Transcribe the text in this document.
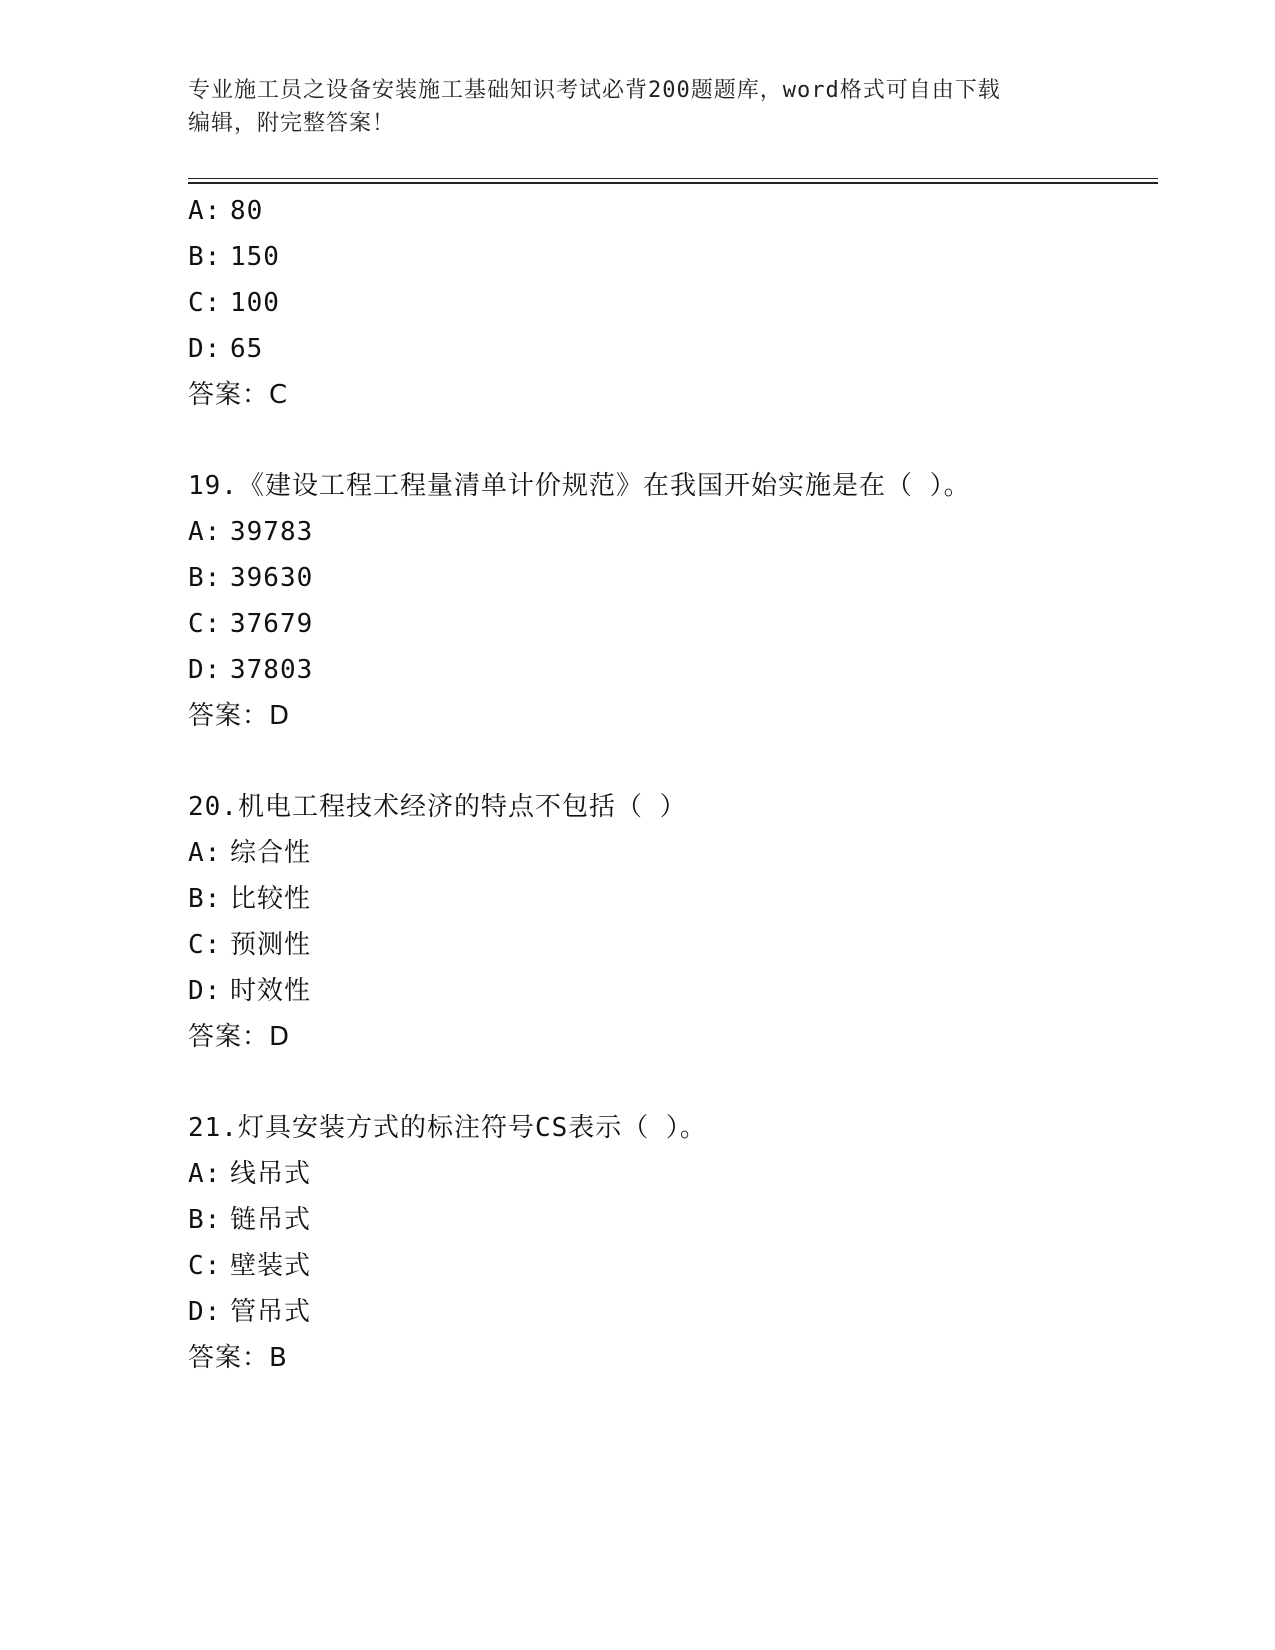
专业施工员之设备安装施工基础知识考试必背200题题库，word格式可自由下载
编辑，附完整答案！
A: 80
B: 150
C: 100
D: 65
答案：C
19.《建设工程工程量清单计价规范》在我国开始实施是在（ ）。
A: 39783
B: 39630
C: 37679
D: 37803
答案：D
20.机电工程技术经济的特点不包括（ ）
A: 综合性
B: 比较性
C: 预测性
D: 时效性
答案：D
21.灯具安装方式的标注符号CS表示（ ）。
A: 线吊式
B: 链吊式
C: 壁装式
D: 管吊式
答案：B
